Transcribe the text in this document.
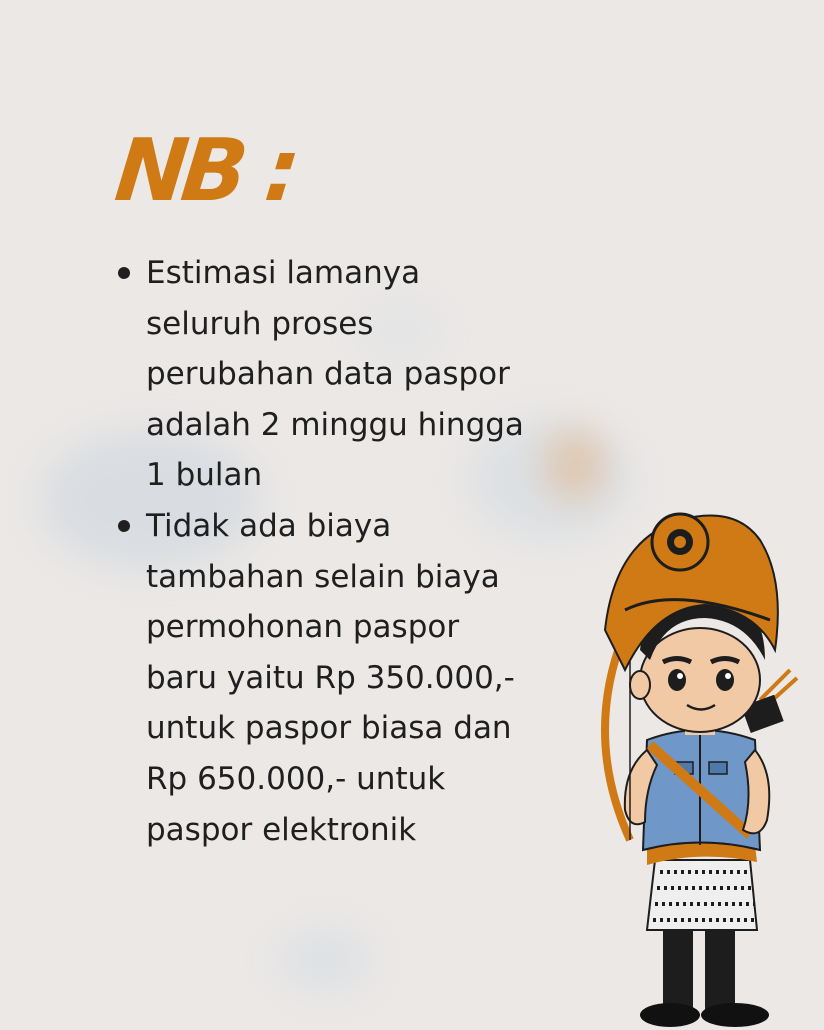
NB :
Estimasi lamanya
seluruh proses
perubahan data paspor
adalah 2 minggu hingga
1 bulan
Tidak ada biaya
tambahan selain biaya
permohonan paspor
baru yaitu Rp 350.000,-
untuk paspor biasa dan
Rp 650.000,- untuk
paspor elektronik
